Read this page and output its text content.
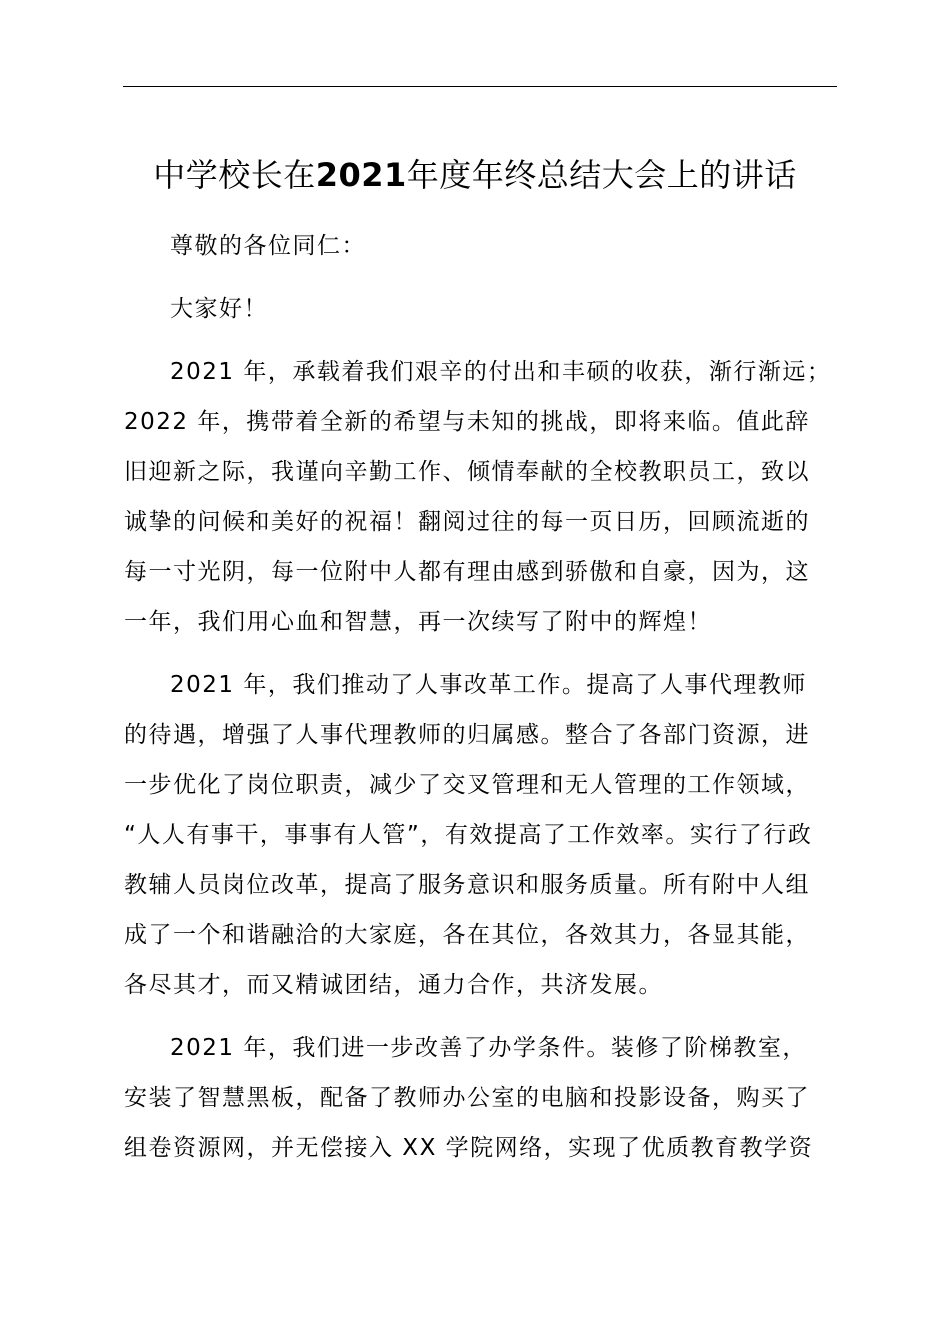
中学校长在2021年度年终总结大会上的讲话

尊敬的各位同仁：

大家好！

2021 年，承载着我们艰辛的付出和丰硕的收获，渐行渐远；
2022 年，携带着全新的希望与未知的挑战，即将来临。值此辞
旧迎新之际，我谨向辛勤工作、倾情奉献的全校教职员工，致以
诚挚的问候和美好的祝福！翻阅过往的每一页日历，回顾流逝的
每一寸光阴，每一位附中人都有理由感到骄傲和自豪，因为，这
一年，我们用心血和智慧，再一次续写了附中的辉煌！

2021 年，我们推动了人事改革工作。提高了人事代理教师
的待遇，增强了人事代理教师的归属感。整合了各部门资源，进
一步优化了岗位职责，减少了交叉管理和无人管理的工作领域，
“人人有事干，事事有人管”，有效提高了工作效率。实行了行政
教辅人员岗位改革，提高了服务意识和服务质量。所有附中人组
成了一个和谐融洽的大家庭，各在其位，各效其力，各显其能，
各尽其才，而又精诚团结，通力合作，共济发展。

2021 年，我们进一步改善了办学条件。装修了阶梯教室，
安装了智慧黑板，配备了教师办公室的电脑和投影设备，购买了
组卷资源网，并无偿接入 XX 学院网络，实现了优质教育教学资
